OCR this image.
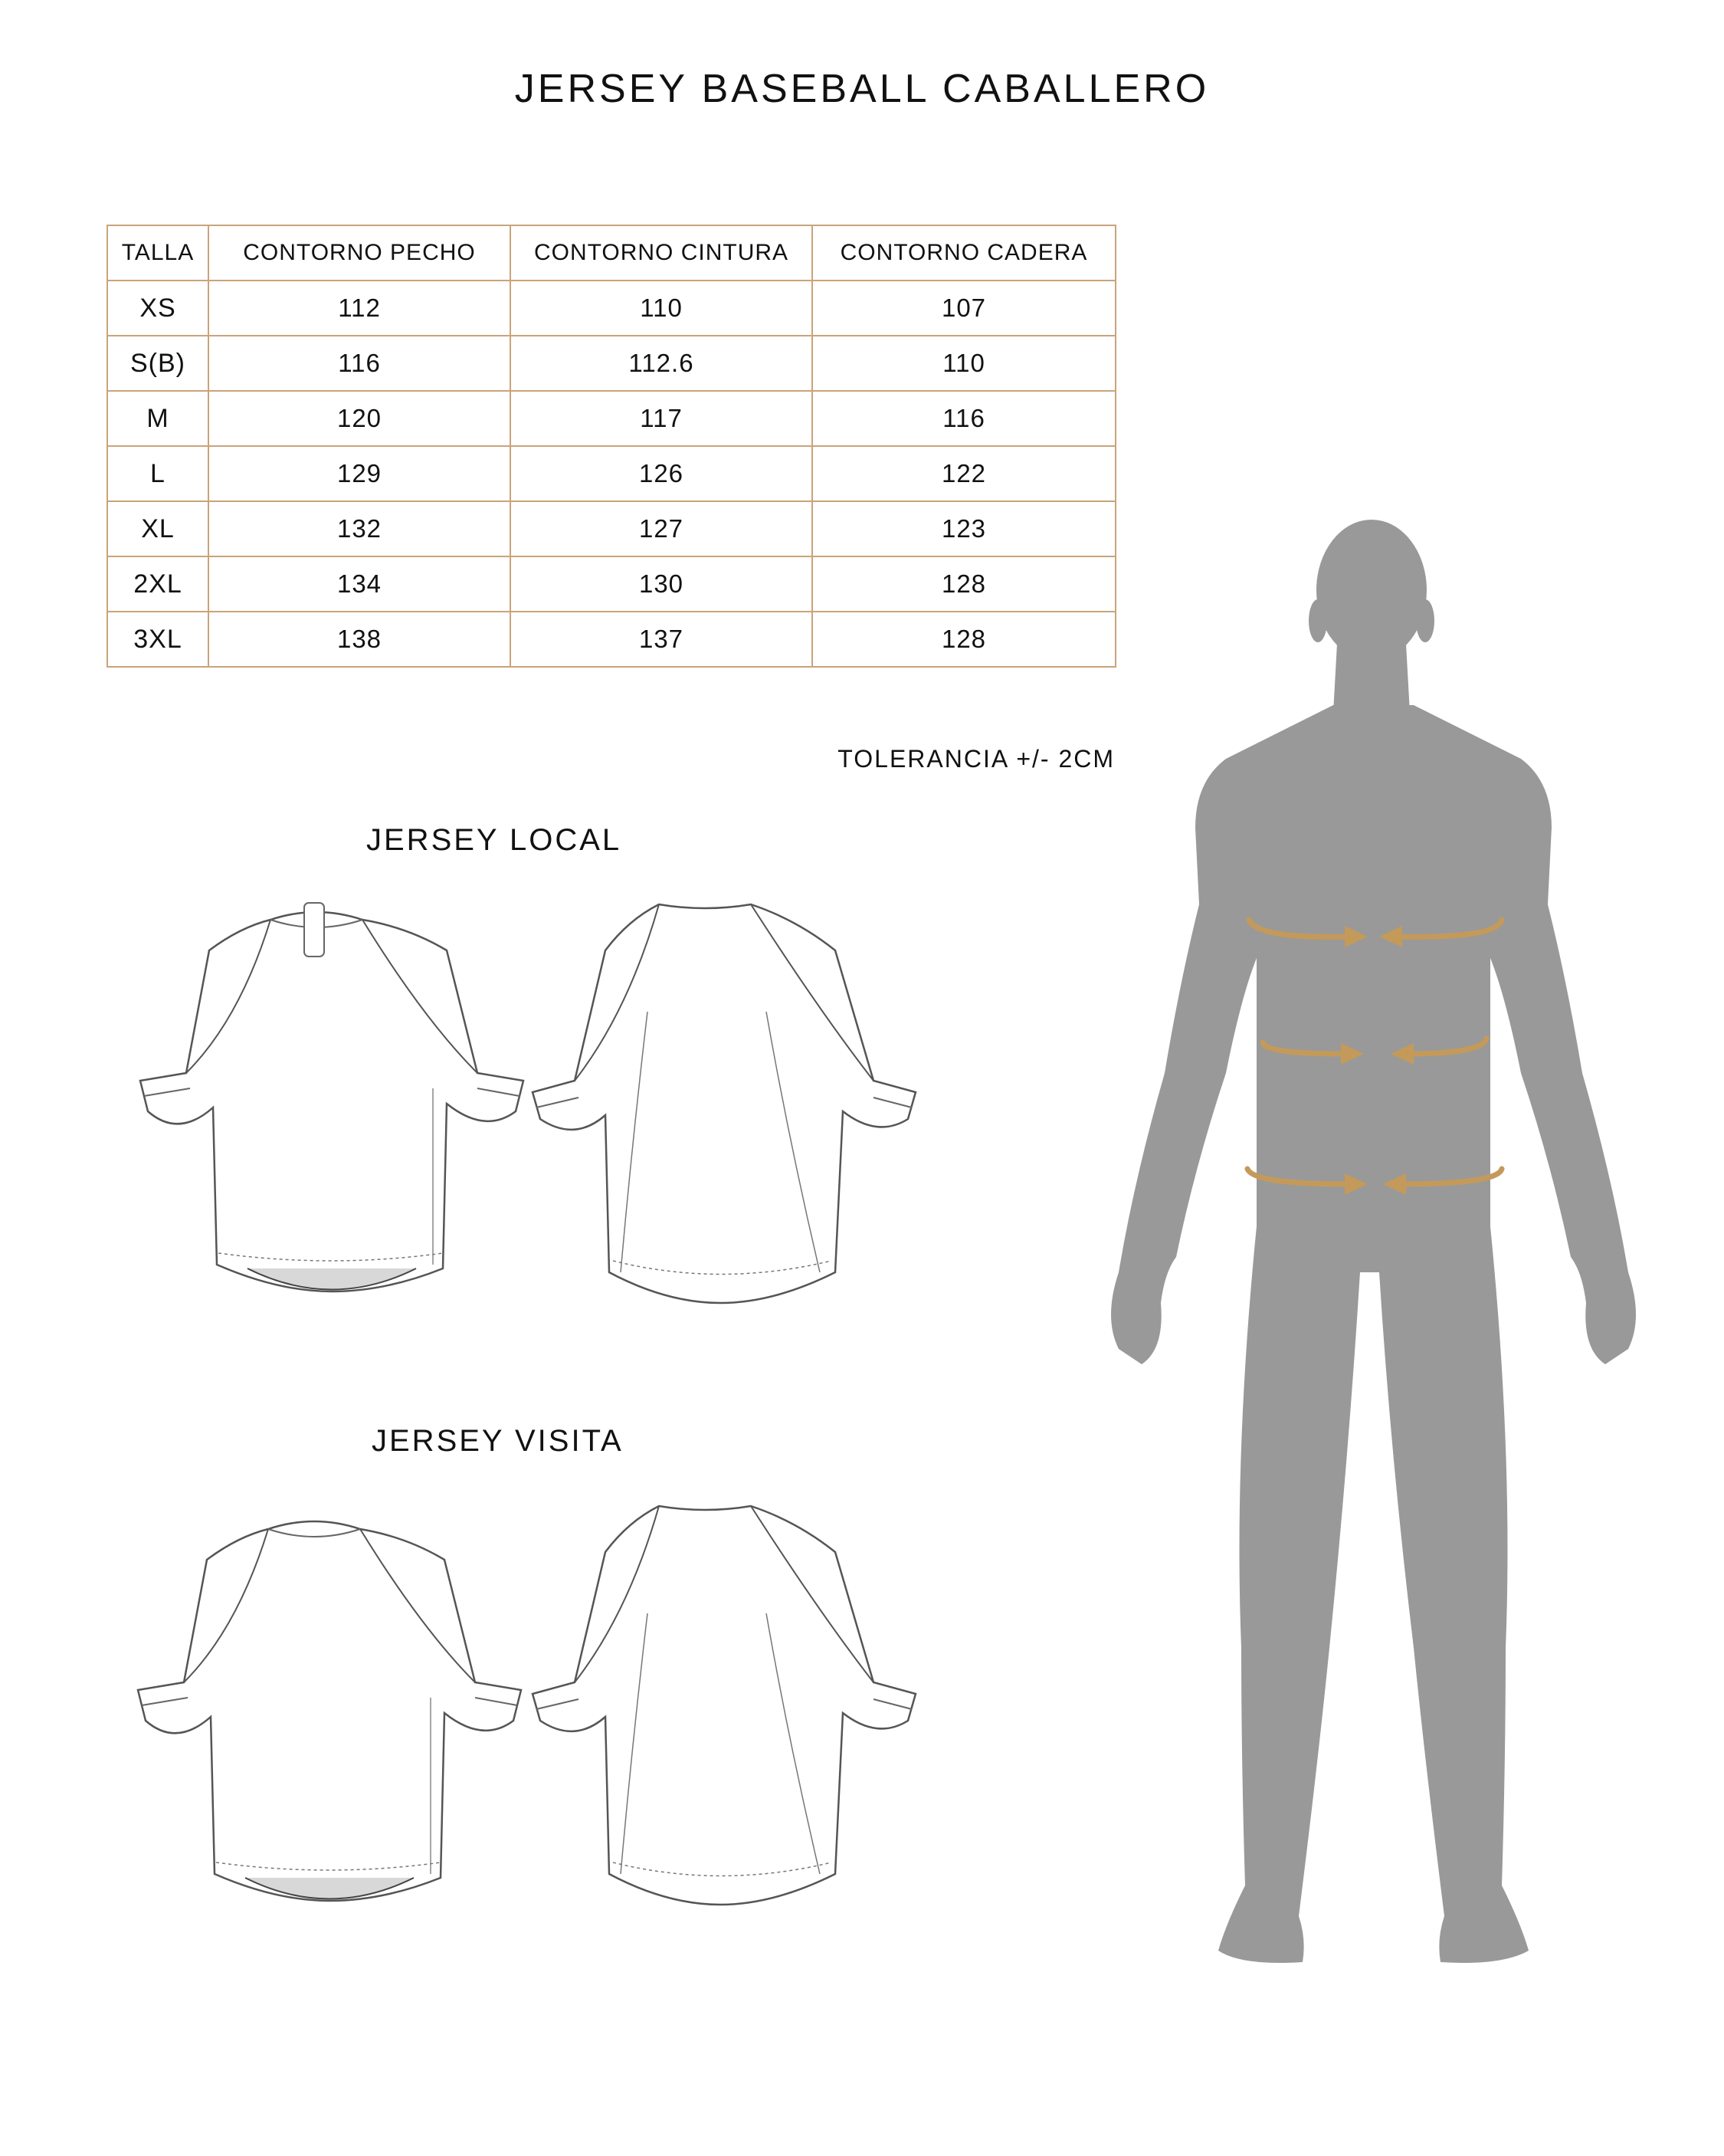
JERSEY BASEBALL CABALLERO
TALLA	CONTORNO PECHO	CONTORNO CINTURA	CONTORNO CADERA
XS	112	110	107
S(B)	116	112.6	110
M	120	117	116
L	129	126	122
XL	132	127	123
2XL	134	130	128
3XL	138	137	128
TOLERANCIA +/- 2CM
JERSEY LOCAL
JERSEY VISITA
